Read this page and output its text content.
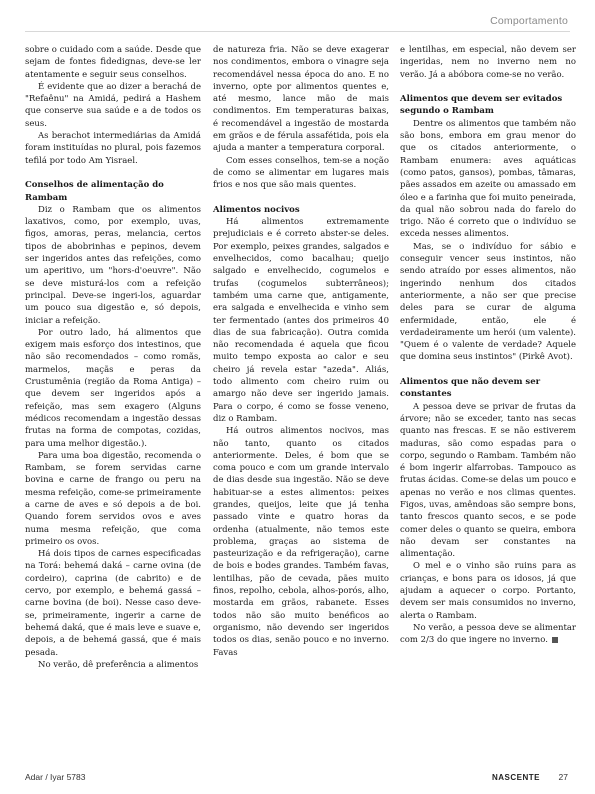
Comportamento

sobre o cuidado com a saúde. Desde que sejam de fontes fidedignas, deve-se ler atentamente e seguir seus conselhos.

É evidente que ao dizer a berachá de "Refaênu" na Amidá, pedirá a Hashem que conserve sua saúde e a de todos os seus.

As berachot intermediárias da Amidá foram instituídas no plural, pois fazemos tefilá por todo Am Yisrael.

Conselhos de alimentação do Rambam

Diz o Rambam que os alimentos laxativos, como, por exemplo, uvas, figos, amoras, peras, melancia, certos tipos de abobrinhas e pepinos, devem ser ingeridos antes das refeições, como um aperitivo, um "hors-d'oeuvre". Não se deve misturá-los com a refeição principal. Deve-se ingeri-los, aguardar um pouco sua digestão e, só depois, iniciar a refeição.

Por outro lado, há alimentos que exigem mais esforço dos intestinos, que não são recomendados – como romãs, marmelos, maçãs e peras da Crustumênia (região da Roma Antiga) – que devem ser ingeridos após a refeição, mas sem exagero (Alguns médicos recomendam a ingestão dessas frutas na forma de compotas, cozidas, para uma melhor digestão.).

Para uma boa digestão, recomenda o Rambam, se forem servidas carne bovina e carne de frango ou peru na mesma refeição, come-se primeiramente a carne de aves e só depois a de boi. Quando forem servidos ovos e aves numa mesma refeição, que coma primeiro os ovos.

Há dois tipos de carnes especificadas na Torá: behemá daká – carne ovina (de cordeiro), caprina (de cabrito) e de cervo, por exemplo, e behemá gassá – carne bovina (de boi). Nesse caso deve-se, primeiramente, ingerir a carne de behemá daká, que é mais leve e suave e, depois, a de behemá gassá, que é mais pesada.

No verão, dê preferência a alimentos

de natureza fria. Não se deve exagerar nos condimentos, embora o vinagre seja recomendável nessa época do ano. E no inverno, opte por alimentos quentes e, até mesmo, lance mão de mais condimentos. Em temperaturas baixas, é recomendável a ingestão de mostarda em grãos e de férula assafétida, pois ela ajuda a manter a temperatura corporal.

Com esses conselhos, tem-se a noção de como se alimentar em lugares mais frios e nos que são mais quentes.

Alimentos nocivos

Há alimentos extremamente prejudiciais e é correto abster-se deles. Por exemplo, peixes grandes, salgados e envelhecidos, como bacalhau; queijo salgado e envelhecido, cogumelos e trufas (cogumelos subterrâneos); também uma carne que, antigamente, era salgada e envelhecida e vinho sem ter fermentado (antes dos primeiros 40 dias de sua fabricação). Outra comida não recomendada é aquela que ficou muito tempo exposta ao calor e seu cheiro já revela estar "azeda". Aliás, todo alimento com cheiro ruim ou amargo não deve ser ingerido jamais. Para o corpo, é como se fosse veneno, diz o Rambam.

Há outros alimentos nocivos, mas não tanto, quanto os citados anteriormente. Deles, é bom que se coma pouco e com um grande intervalo de dias desde sua ingestão. Não se deve habituar-se a estes alimentos: peixes grandes, queijos, leite que já tenha passado vinte e quatro horas da ordenha (atualmente, não temos este problema, graças ao sistema de pasteurização e da refrigeração), carne de bois e bodes grandes. Também favas, lentilhas, pão de cevada, pães muito finos, repolho, cebola, alhos-porós, alho, mostarda em grãos, rabanete. Esses todos não são muito benéficos ao organismo, não devendo ser ingeridos todos os dias, senão pouco e no inverno. Favas

e lentilhas, em especial, não devem ser ingeridas, nem no inverno nem no verão. Já a abóbora come-se no verão.

Alimentos que devem ser evitados segundo o Rambam

Dentre os alimentos que também não são bons, embora em grau menor do que os citados anteriormente, o Rambam enumera: aves aquáticas (como patos, gansos), pombas, tâmaras, pães assados em azeite ou amassado em óleo e a farinha que foi muito peneirada, da qual não sobrou nada do farelo do trigo. Não é correto que o indivíduo se exceda nesses alimentos.

Mas, se o indivíduo for sábio e conseguir vencer seus instintos, não sendo atraído por esses alimentos, não ingerindo nenhum dos citados anteriormente, a não ser que precise deles para se curar de alguma enfermidade, então, ele é verdadeiramente um herói (um valente). "Quem é o valente de verdade? Aquele que domina seus instintos" (Pirkê Avot).

Alimentos que não devem ser constantes

A pessoa deve se privar de frutas da árvore; não se exceder, tanto nas secas quanto nas frescas. E se não estiverem maduras, são como espadas para o corpo, segundo o Rambam. Também não é bom ingerir alfarrobas. Tampouco as frutas ácidas. Come-se delas um pouco e apenas no verão e nos climas quentes. Figos, uvas, amêndoas são sempre bons, tanto frescos quanto secos, e se pode comer deles o quanto se queira, embora não devam ser constantes na alimentação.

O mel e o vinho são ruins para as crianças, e bons para os idosos, já que ajudam a aquecer o corpo. Portanto, devem ser mais consumidos no inverno, alerta o Rambam.

No verão, a pessoa deve se alimentar com 2/3 do que ingere no inverno.

Adar / Iyar 5783	NASCENTE 27
